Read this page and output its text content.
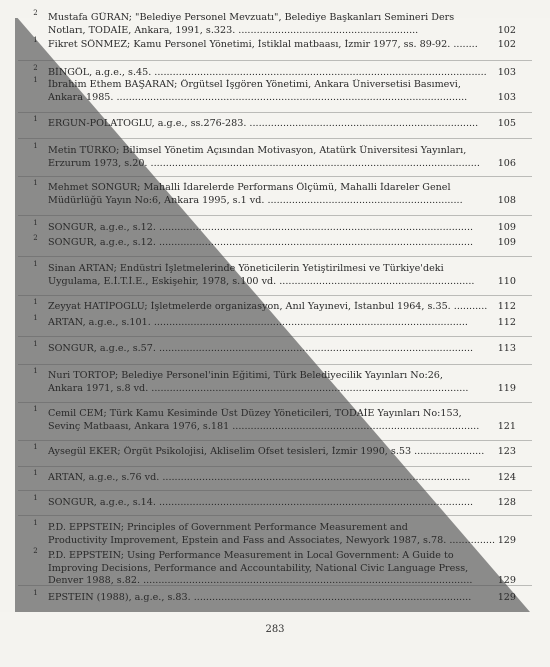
2 Mustafa GÜRAN; "Belediye Personel Mevzuatı", Belediye Başkanları Semineri Ders
Notları, TODAİE, Ankara, 1991, s.323. ...........................................................	102
1 Fikret SÖNMEZ; Kamu Personel Yönetimi, İstiklal matbaası, İzmir 1977, ss. 89-92. ........	102
2 BİNGÖL, a.g.e., s.45. .............................................................................................................	103
1 İbrahim Ethem BAŞARAN; Örgütsel İşgören Yönetimi, Ankara Üniversetisi Basımevi,
Ankara 1985. ...................................................................................................................	103
1 ERGUN-POLATOĞLU, a.g.e., ss.276-283. ...........................................................................	105
1 Metin TÜRKO; Bilimsel Yönetim Açısından Motivasyon, Atatürk Üniversitesi Yayınları,
Erzurum 1973, s.20. ............................................................................................................	106
1 Mehmet SONGUR; Mahalli İdarelerde Performans Ölçümü, Mahalli İdareler Genel
Müdürlüğü Yayın No:6, Ankara 1995, s.1 vd. ................................................................	108
1 SONGUR, a.g.e., s.12. .......................................................................................................	109
2 SONGUR, a.g.e., s.12. .......................................................................................................	109
1 Sinan ARTAN; Endüstri İşletmelerinde Yöneticilerin Yetiştirilmesi ve Türkiye'deki
Uygulama, E.İ.T.İ.E., Eskişehir, 1978, s.100 vd. ................................................................	110
1 Zeyyat HATİPOĞLU; İşletmelerde organizasyon, Anıl Yayınevi, İstanbul 1964, s.35. ...........	112
1 ARTAN, a.g.e., s.101. .......................................................................................................	112
1 SONGUR, a.g.e., s.57. .......................................................................................................	113
1 Nuri TORTOP; Belediye Personel'inin Eğitimi, Türk Belediyecilik Yayınları No:26,
Ankara 1971, s.8 vd. ........................................................................................................	119
1 Cemil CEM; Türk Kamu Kesiminde Üst Düzey Yöneticileri, TODAİE Yayınları No:153,
Sevinç Matbaası, Ankara 1976, s.181 .................................................................................	121
1 Aysegül EKER; Örgüt Psikolojisi, Akliselim Ofset tesisleri, İzmir 1990, s.53 .......................	123
1 ARTAN, a.g.e., s.76 vd. .....................................................................................................	124
1 SONGUR, a.g.e., s.14. .......................................................................................................	128
1 P.D. EPPSTEIN; Principles of Government Performance Measurement and
Productivity Improvement, Epstein and Fass and Associates, Newyork 1987, s.78. ............... 129
2 P.D. EPPSTEIN; Using Performance Measurement in Local Government: A Guide to
Improving Decisions, Performance and Accountability, National Civic Language Press,
Denver 1988, s.82. ............................................................................................................	129
1 EPSTEIN (1988), a.g.e., s.83. ...........................................................................................	129
283
